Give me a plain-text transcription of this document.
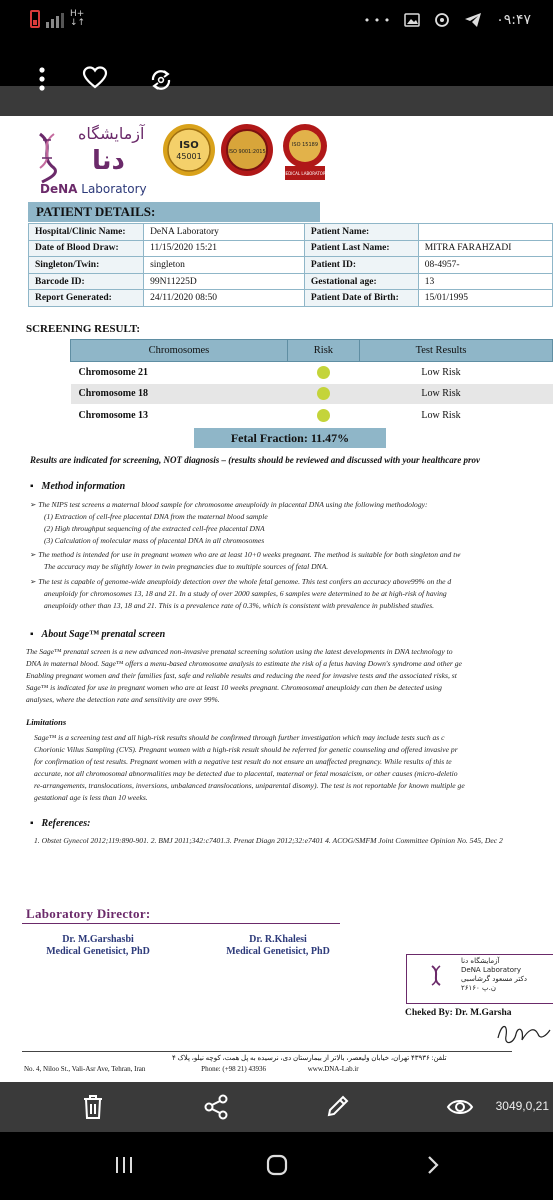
H+
↓↑	• • •	۰۹:۴۷
آزمایشگاه
دنا
DeNA Laboratory
ISO
45001	ISO 9001:2015
ISO 15189
MEDICAL LABORATORY
PATIENT DETAILS:
Hospital/Clinic Name:	DeNA Laboratory	Patient Name:	
Date of Blood Draw:	11/15/2020 15:21	Patient Last Name:	MITRA FARAHZADI
Singleton/Twin:	singleton	Patient ID:	08-4957-
Barcode ID:	99N11225D	Gestational age:	13
Report Generated:	24/11/2020 08:50	Patient Date of Birth:	15/01/1995
SCREENING RESULT:
Chromosomes	Risk	Test Results
Chromosome 21		Low Risk
Chromosome 18		Low Risk
Chromosome 13		Low Risk
Fetal Fraction: 11.47%
Results are indicated for screening, NOT diagnosis – (results should be reviewed and discussed with your healthcare prov
▪ Method information
➢ The NIPS test screens a maternal blood sample for chromosome aneuploidy in placental DNA using the following methodology:
(1) Extraction of cell-free placental DNA from the maternal blood sample
(2) High throughput sequencing of the extracted cell-free placental DNA
(3) Calculation of molecular mass of placental DNA in all chromosomes
➢ The method is intended for use in pregnant women who are at least 10+0 weeks pregnant. The method is suitable for both singleton and tw
The accuracy may be slightly lower in twin pregnancies due to multiple sources of fetal DNA.
➢ The test is capable of genome-wide aneuploidy detection over the whole fetal genome. This test confers an accuracy above99% on the d
aneuploidy for chromosomes 13, 18 and 21. In a study of over 2000 samples, 6 samples were determined to be at high-risk of having
aneuploidy other than 13, 18 and 21. This is a prevalence rate of 0.3%, which is consistent with prevalence in published studies.
▪ About Sage™ prenatal screen
The Sage™ prenatal screen is a new advanced non-invasive prenatal screening solution using the latest developments in DNA technology to
DNA in maternal blood. Sage™ offers a menu-based chromosome analysis to estimate the risk of a fetus having Down's syndrome and other ge
Enabling pregnant women and their families fast, safe and reliable results and reducing the need for invasive tests and the associated risks, st
Sage™ is indicated for use in pregnant women who are at least 10 weeks pregnant. Chromosomal aneuploidy can then be detected using
analyses, where the detection rate and sensitivity are over 99%.
Limitations
Sage™ is a screening test and all high-risk results should be confirmed through further investigation which may include tests such as c
Chorionic Villus Sampling (CVS). Pregnant women with a high-risk result should be referred for genetic counseling and offered invasive pr
for confirmation of test results. Pregnant women with a negative test result do not ensure an unaffected pregnancy. While results of this te
accurate, not all chromosomal abnormalities may be detected due to placental, maternal or fetal mosaicism, or other causes (micro-deletio
re-arrangements, translocations, inversions, unbalanced translocations, uniparental disomy). The test is not reportable for known multiple ge
gestational age is less than 10 weeks.
▪ References:
1. Obstet Gynecol 2012;119:890-901. 2. BMJ 2011;342:c7401.3. Prenat Diagn 2012;32:e7401 4. ACOG/SMFM Joint Committee Opinion No. 545, Dec 2
Laboratory Director:
Dr. M.Garshasbi
Medical Genetisict, PhD
Dr. R.Khalesi
Medical Genetisict, PhD
آزمایشگاه دنا
DeNA Laboratory
دکتر مسعود گرشاسبی
ن.پ ۲۶۱۶۰
Cheked By: Dr. M.Garsha
تلفن: ۴۳۹۳۶ تهران، خیابان ولیعصر، بالاتر از بیمارستان دی، نرسیده به پل همت، کوچه نیلو، پلاک ۴
No. 4, Niloo St., Vali-Asr Ave, Tehran, Iran	Phone: (+98 21) 43936	www.DNA-Lab.ir
3049,0,21
